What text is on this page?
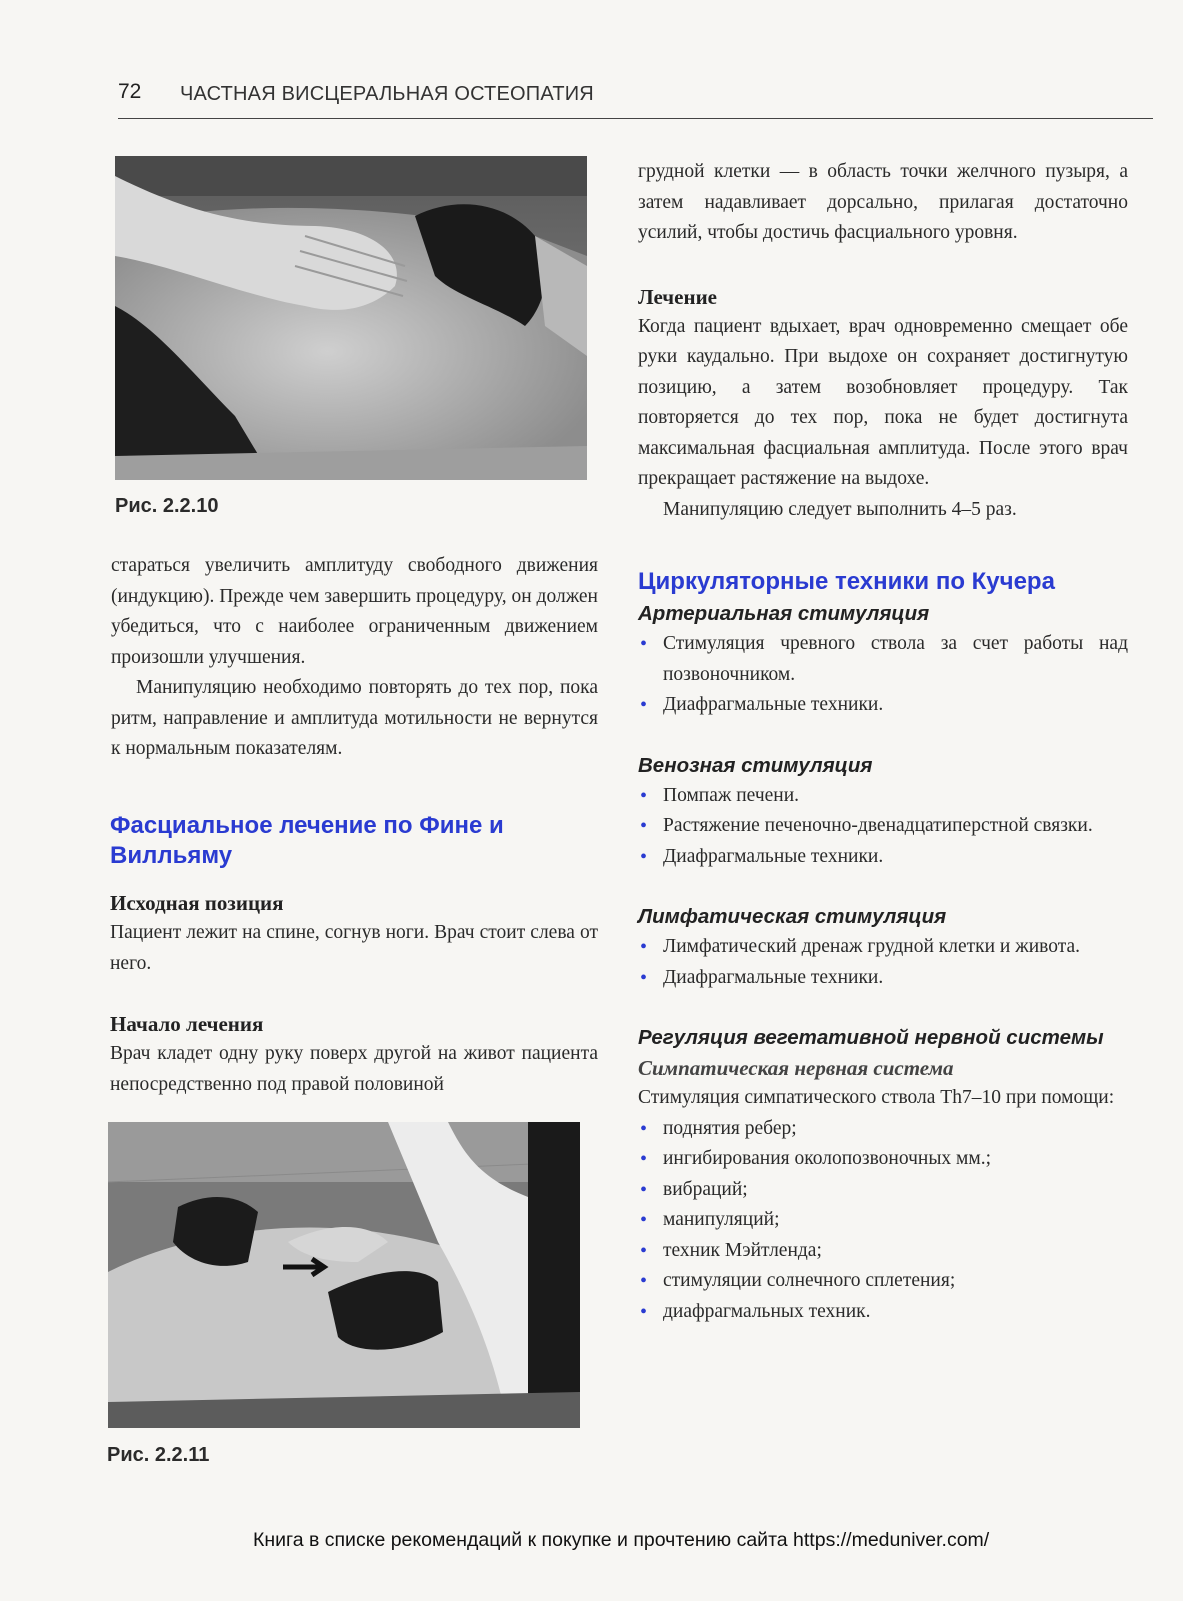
72 ЧАСТНАЯ ВИСЦЕРАЛЬНАЯ ОСТЕОПАТИЯ
Рис. 2.2.10

стараться увеличить амплитуду свободного движения (индукцию). Прежде чем завершить процедуру, он должен убедиться, что с наиболее ограниченным движением произошли улучшения.

Манипуляцию необходимо повторять до тех пор, пока ритм, направление и амплитуда мотильности не вернутся к нормальным показателям.

Фасциальное лечение по Фине и Вилльяму
Исходная позиция

Пациент лежит на спине, согнув ноги. Врач стоит слева от него.

Начало лечения

Врач кладет одну руку поверх другой на живот пациента непосредственно под правой половиной

Рис. 2.2.11

грудной клетки — в область точки желчного пузыря, а затем надавливает дорсально, прилагая достаточно усилий, чтобы достичь фасциального уровня.

Лечение

Когда пациент вдыхает, врач одновременно смещает обе руки каудально. При выдохе он сохраняет достигнутую позицию, а затем возобновляет процедуру. Так повторяется до тех пор, пока не будет достигнута максимальная фасциальная амплитуда. После этого врач прекращает растяжение на выдохе.

Манипуляцию следует выполнить 4–5 раз.

Циркуляторные техники по Кучера
Артериальная стимуляция
• Стимуляция чревного ствола за счет работы над позвоночником.
• Диафрагмальные техники.
Венозная стимуляция
• Помпаж печени.
• Растяжение печеночно-двенадцатиперстной связки.
• Диафрагмальные техники.
Лимфатическая стимуляция
• Лимфатический дренаж грудной клетки и живота.
• Диафрагмальные техники.
Регуляция вегетативной нервной системы
Симпатическая нервная система

Стимуляция симпатического ствола Th7–10 при помощи:

• поднятия ребер;
• ингибирования околопозвоночных мм.;
• вибраций;
• манипуляций;
• техник Мэйтленда;
• стимуляции солнечного сплетения;
• диафрагмальных техник.
Книга в списке рекомендаций к покупке и прочтению сайта https://meduniver.com/
